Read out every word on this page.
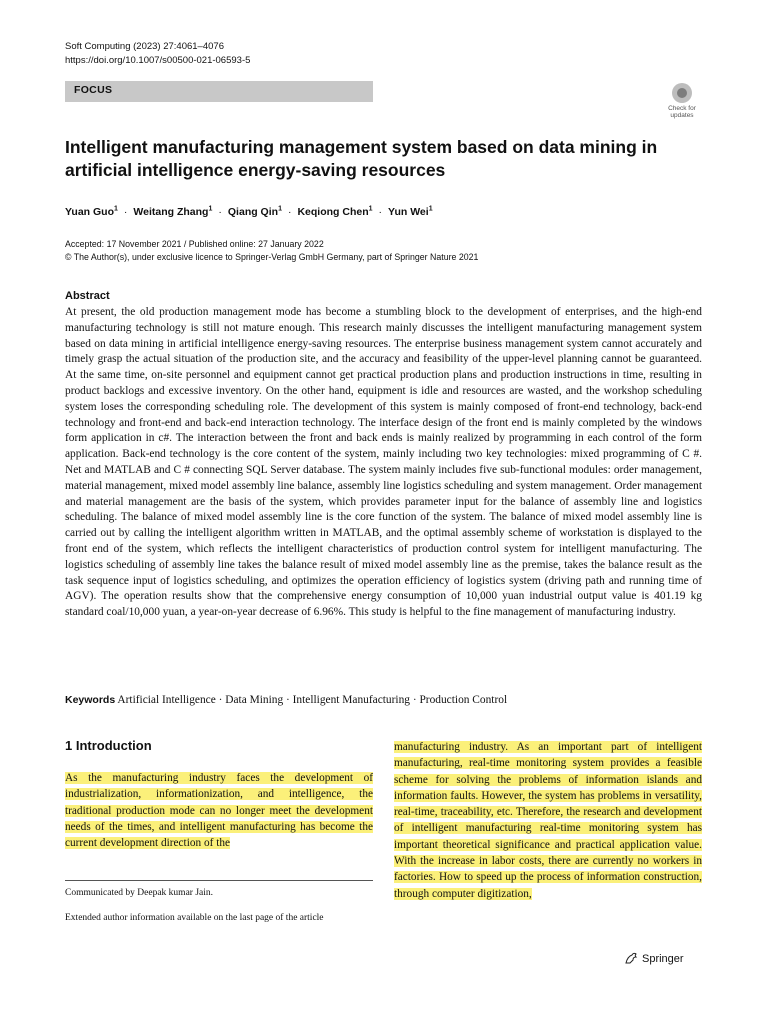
Soft Computing (2023) 27:4061–4076
https://doi.org/10.1007/s00500-021-06593-5
FOCUS
Check for updates
Intelligent manufacturing management system based on data mining in artificial intelligence energy-saving resources
Yuan Guo$^1$ · Weitang Zhang$^1$ · Qiang Qin$^1$ · Keqiong Chen$^1$ · Yun Wei$^1$
Accepted: 17 November 2021 / Published online: 27 January 2022
© The Author(s), under exclusive licence to Springer-Verlag GmbH Germany, part of Springer Nature 2021
Abstract

At present, the old production management mode has become a stumbling block to the development of enterprises, and the high-end manufacturing technology is still not mature enough. This research mainly discusses the intelligent manufacturing management system based on data mining in artificial intelligence energy-saving resources. The enterprise business management system cannot accurately and timely grasp the actual situation of the production site, and the accuracy and feasibility of the upper-level planning cannot be guaranteed. At the same time, on-site personnel and equipment cannot get practical production plans and production instructions in time, resulting in product backlogs and excessive inventory. On the other hand, equipment is idle and resources are wasted, and the workshop scheduling system loses the corresponding scheduling role. The development of this system is mainly composed of front-end technology, back-end technology and front-end and back-end interaction technology. The interface design of the front end is mainly completed by the windows form application in c#. The interaction between the front and back ends is mainly realized by programming in each control of the form application. Back-end technology is the core content of the system, mainly including two key technologies: mixed programming of C #. Net and MATLAB and C # connecting SQL Server database. The system mainly includes five sub-functional modules: order management, material management, mixed model assembly line balance, assembly line logistics scheduling and system management. Order management and material management are the basis of the system, which provides parameter input for the balance of assembly line and logistics scheduling. The balance of mixed model assembly line is the core function of the system. The balance of mixed model assembly line is carried out by calling the intelligent algorithm written in MATLAB, and the optimal assembly scheme of workstation is displayed to the front end of the system, which reflects the intelligent characteristics of production control system for intelligent manufacturing. The logistics scheduling of assembly line takes the balance result of mixed model assembly line as the premise, takes the balance result as the task sequence input of logistics scheduling, and optimizes the operation efficiency of logistics system (driving path and running time of AGV). The operation results show that the comprehensive energy consumption of 10,000 yuan industrial output value is 401.19 kg standard coal/10,000 yuan, a year-on-year decrease of 6.96%. This study is helpful to the fine management of manufacturing industry.

Keywords Artificial Intelligence · Data Mining · Intelligent Manufacturing · Production Control
1 Introduction

As the manufacturing industry faces the development of industrialization, informationization, and intelligence, the traditional production mode can no longer meet the development needs of the times, and intelligent manufacturing has become the current development direction of the

manufacturing industry. As an important part of intelligent manufacturing, real-time monitoring system provides a feasible scheme for solving the problems of information islands and information faults. However, the system has problems in versatility, real-time, traceability, etc. Therefore, the research and development of intelligent manufacturing real-time monitoring system has important theoretical significance and practical application value. With the increase in labor costs, there are currently no workers in factories. How to speed up the process of information construction, through computer digitization,

Communicated by Deepak kumar Jain.
Extended author information available on the last page of the article
Springer
